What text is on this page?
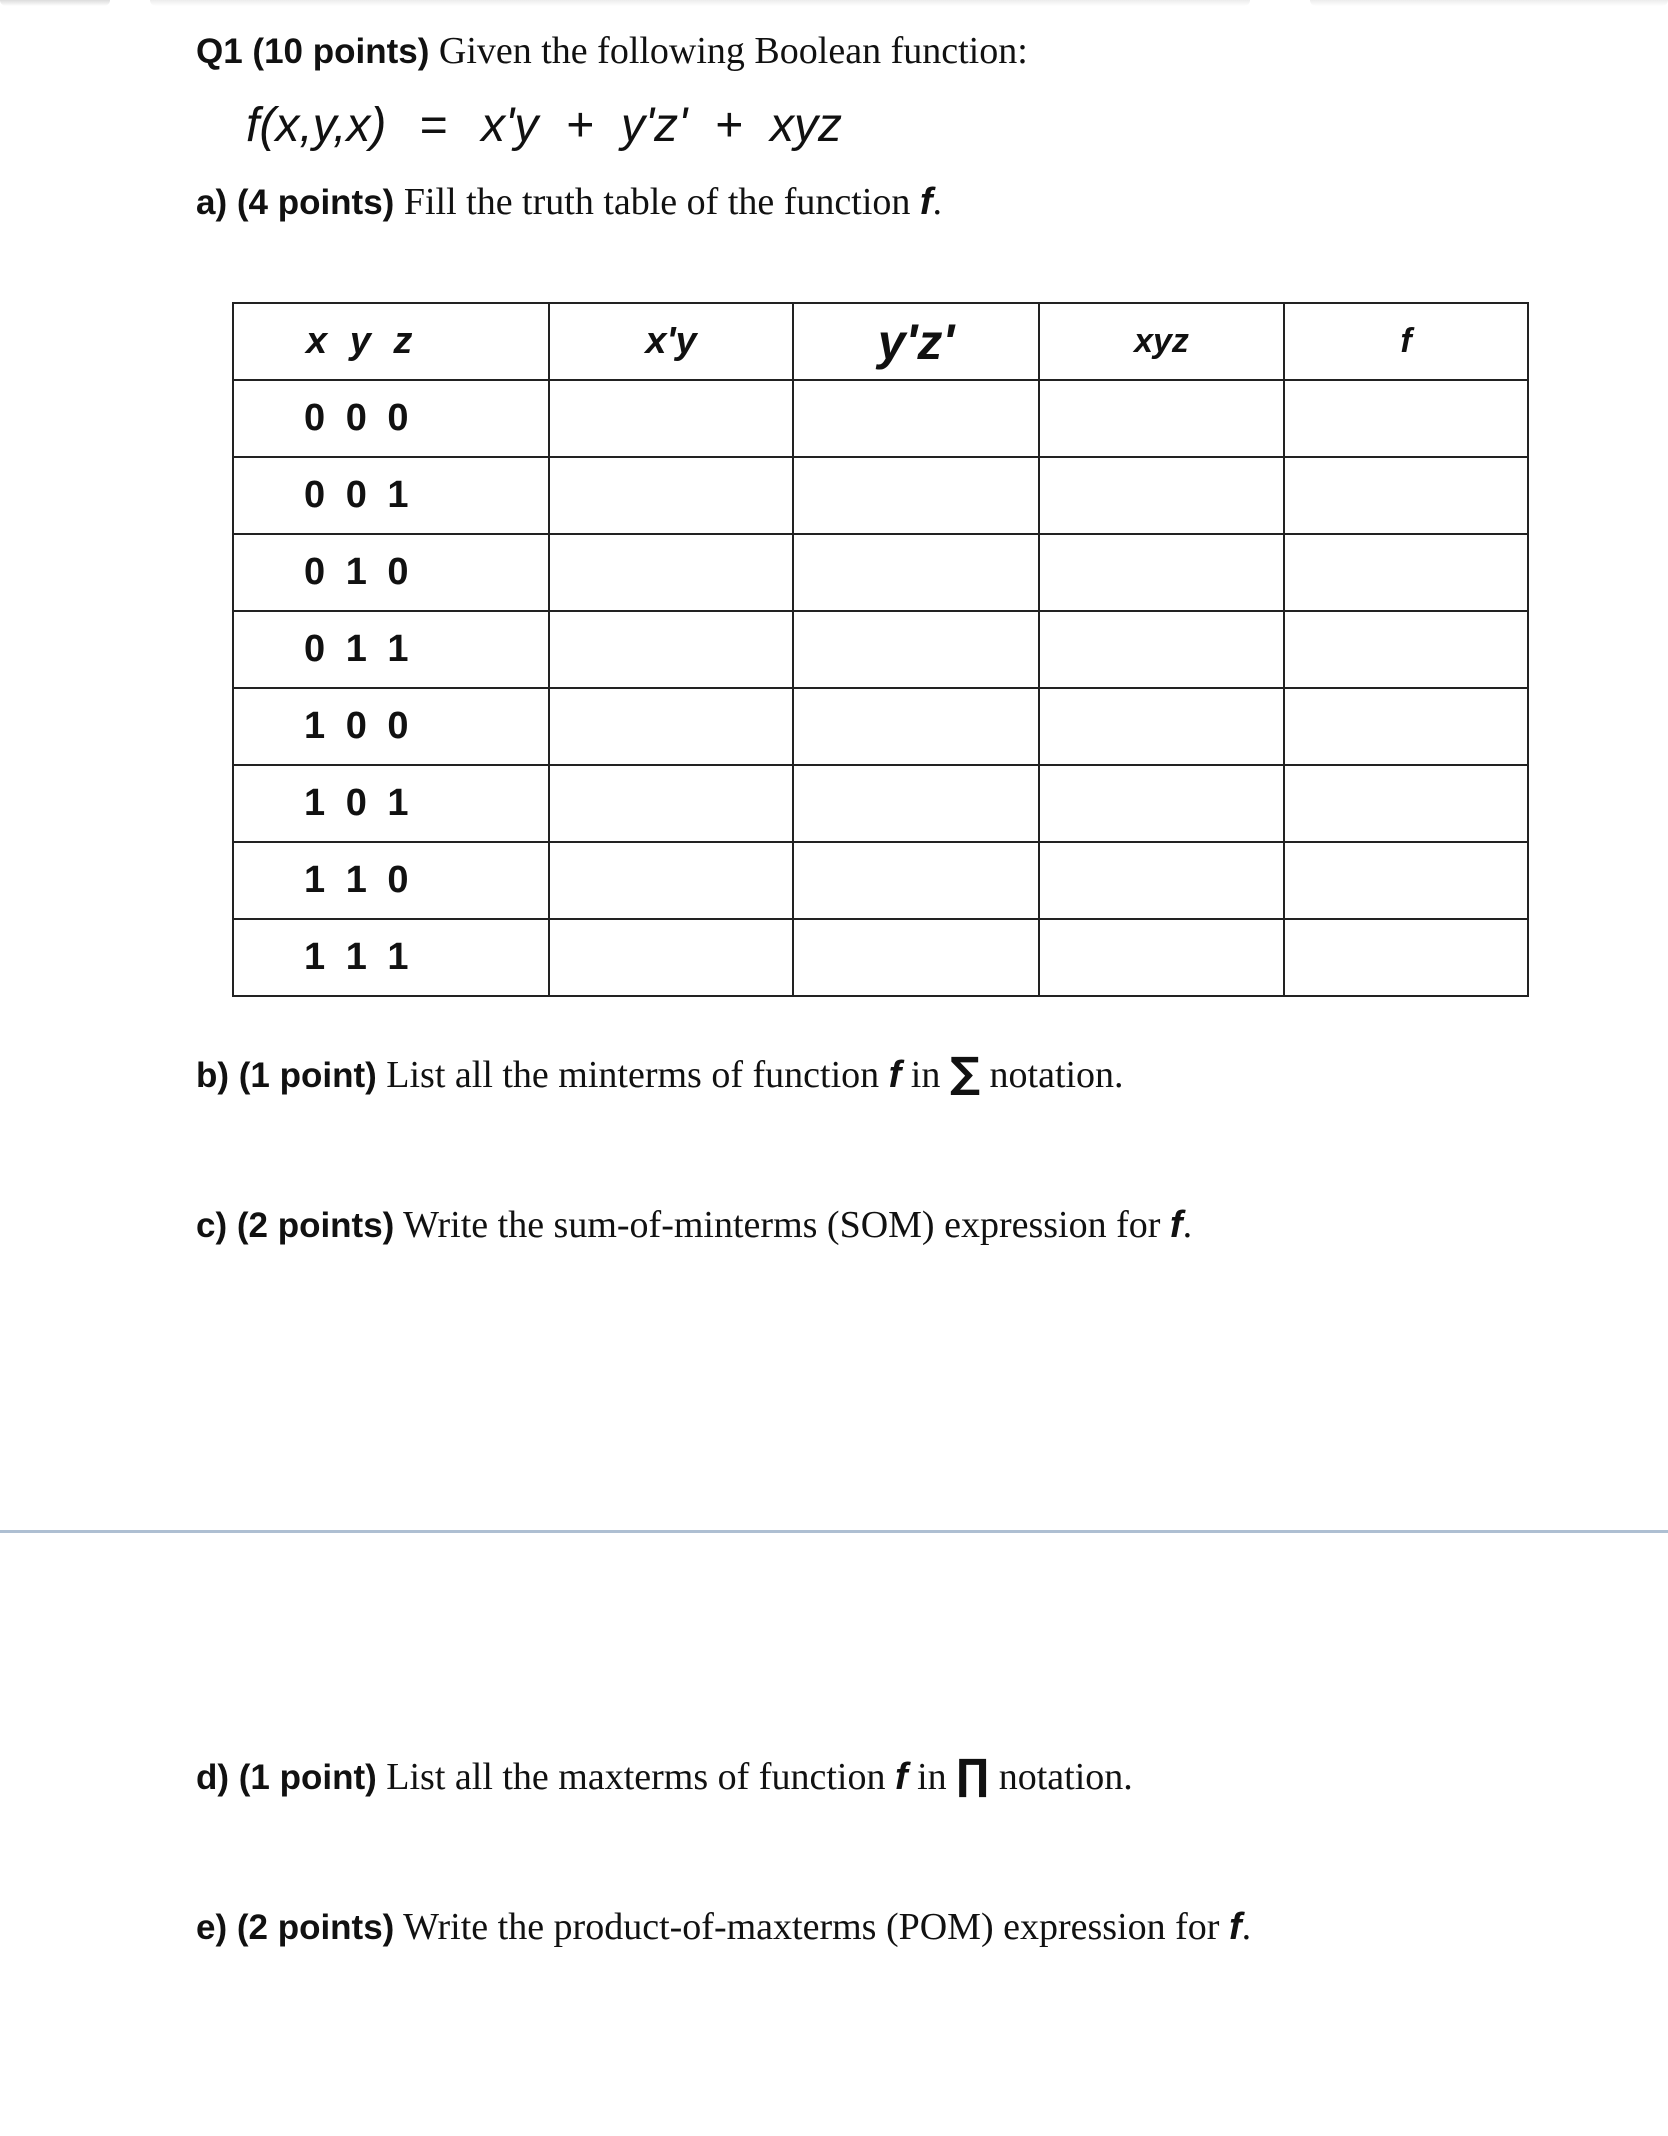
Q1 (10 points) Given the following Boolean function:
f(x,y,x) = x'y + y'z' + xyz
a) (4 points) Fill the truth table of the function f.
x y z	x'y	y'z'	xyz	f
0 0 0				
0 0 1				
0 1 0				
0 1 1				
1 0 0				
1 0 1				
1 1 0				
1 1 1				
b) (1 point) List all the minterms of function f in ∑ notation.
c) (2 points) Write the sum-of-minterms (SOM) expression for f.
d) (1 point) List all the maxterms of function f in ∏ notation.
e) (2 points) Write the product-of-maxterms (POM) expression for f.
